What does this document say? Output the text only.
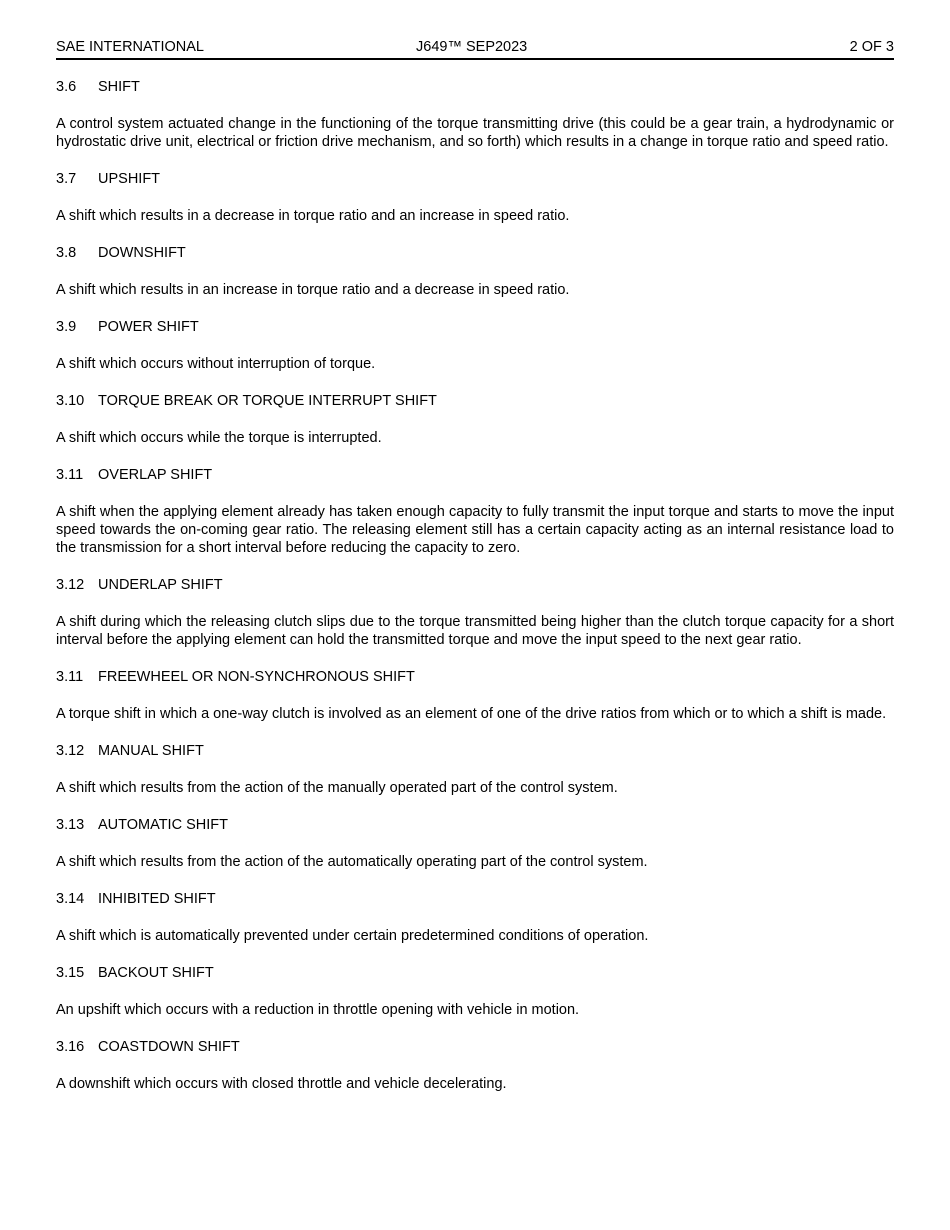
SAE INTERNATIONAL	J649™ SEP2023	2 OF 3

3.6 SHIFT

A control system actuated change in the functioning of the torque transmitting drive (this could be a gear train, a hydrodynamic or hydrostatic drive unit, electrical or friction drive mechanism, and so forth) which results in a change in torque ratio and speed ratio.

3.7 UPSHIFT

A shift which results in a decrease in torque ratio and an increase in speed ratio.

3.8 DOWNSHIFT

A shift which results in an increase in torque ratio and a decrease in speed ratio.

3.9 POWER SHIFT

A shift which occurs without interruption of torque.

3.10 TORQUE BREAK OR TORQUE INTERRUPT SHIFT

A shift which occurs while the torque is interrupted.

3.11 OVERLAP SHIFT

A shift when the applying element already has taken enough capacity to fully transmit the input torque and starts to move the input speed towards the on-coming gear ratio. The releasing element still has a certain capacity acting as an internal resistance load to the transmission for a short interval before reducing the capacity to zero.

3.12 UNDERLAP SHIFT

A shift during which the releasing clutch slips due to the torque transmitted being higher than the clutch torque capacity for a short interval before the applying element can hold the transmitted torque and move the input speed to the next gear ratio.

3.11 FREEWHEEL OR NON-SYNCHRONOUS SHIFT

A torque shift in which a one-way clutch is involved as an element of one of the drive ratios from which or to which a shift is made.

3.12 MANUAL SHIFT

A shift which results from the action of the manually operated part of the control system.

3.13 AUTOMATIC SHIFT

A shift which results from the action of the automatically operating part of the control system.

3.14 INHIBITED SHIFT

A shift which is automatically prevented under certain predetermined conditions of operation.

3.15 BACKOUT SHIFT

An upshift which occurs with a reduction in throttle opening with vehicle in motion.

3.16 COASTDOWN SHIFT

A downshift which occurs with closed throttle and vehicle decelerating.
